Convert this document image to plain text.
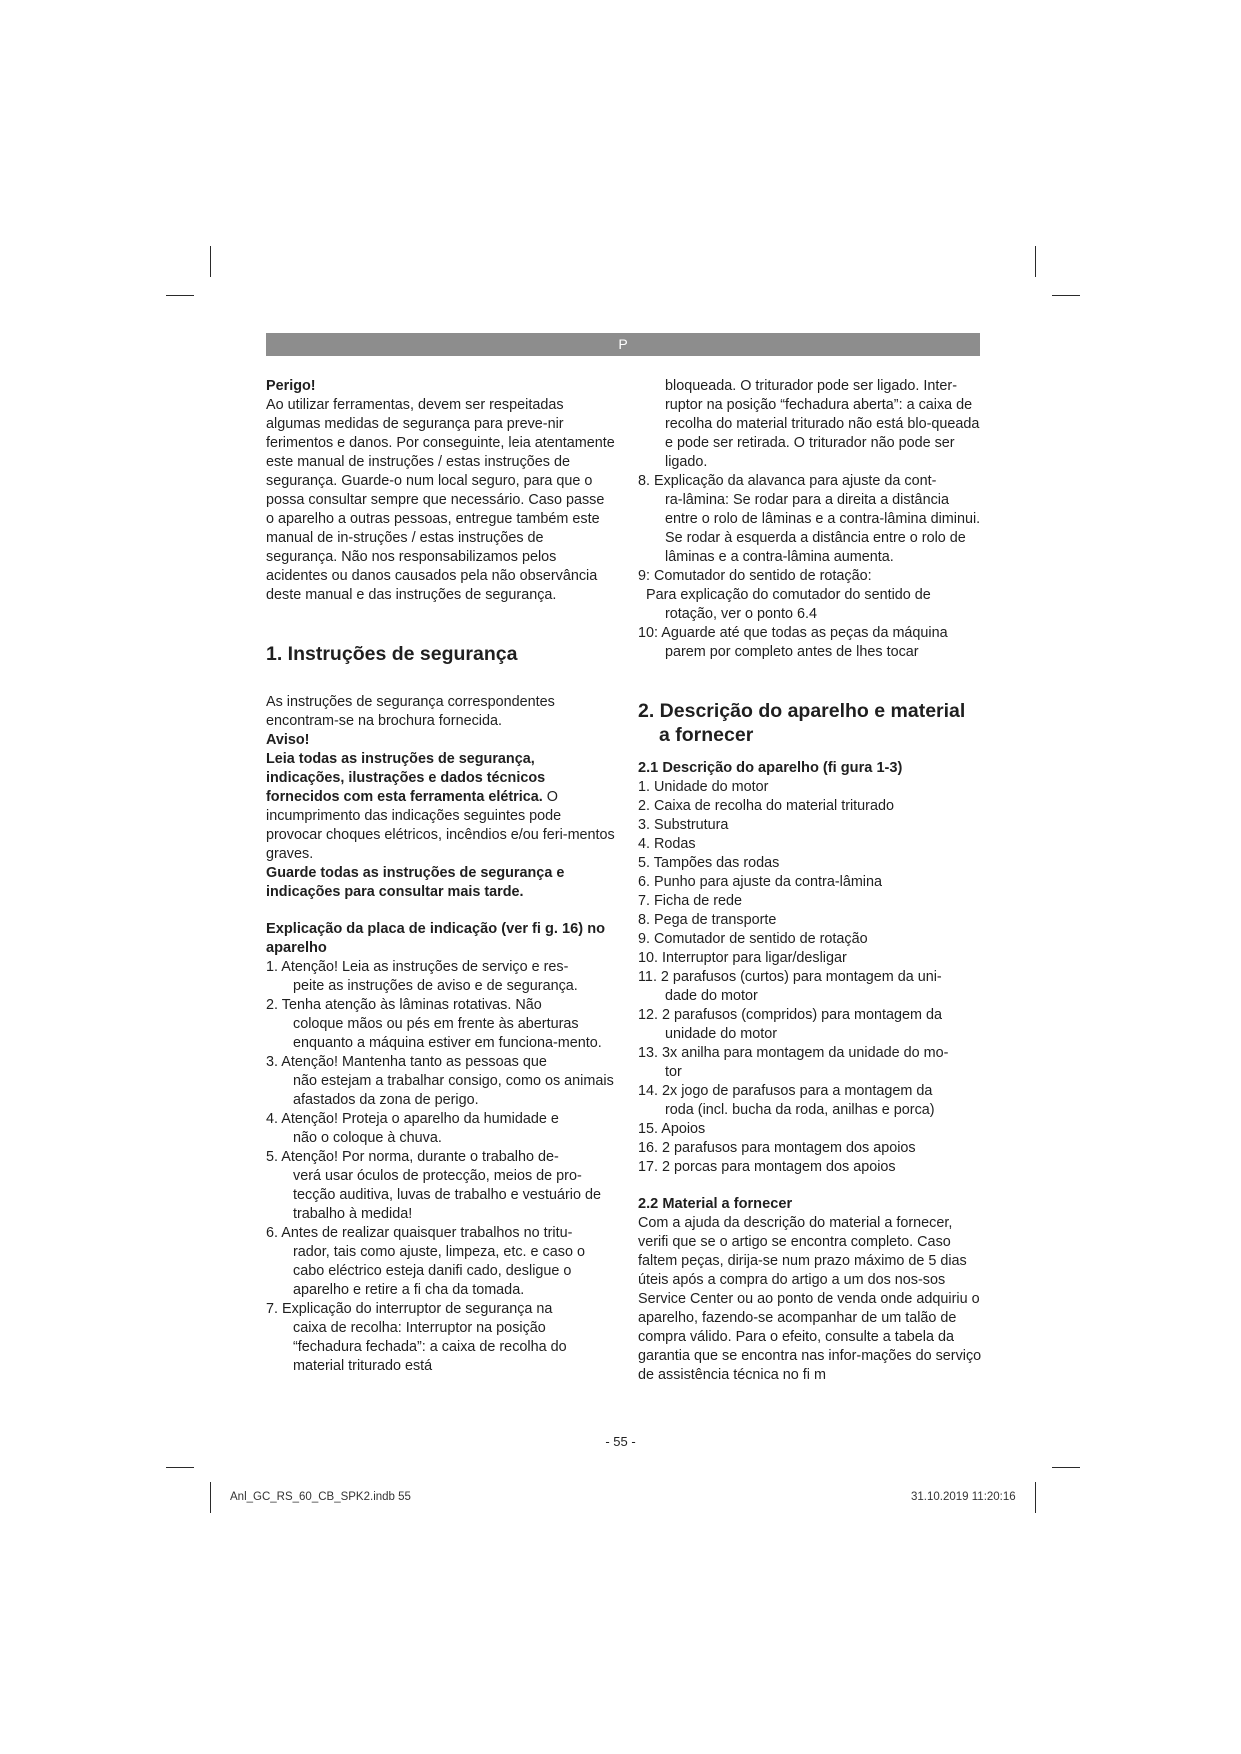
P
Perigo!
Ao utilizar ferramentas, devem ser respeitadas algumas medidas de segurança para preve-nir ferimentos e danos. Por conseguinte, leia atentamente este manual de instruções / estas instruções de segurança. Guarde-o num local seguro, para que o possa consultar sempre que necessário. Caso passe o aparelho a outras pessoas, entregue também este manual de in-struções / estas instruções de segurança. Não nos responsabilizamos pelos acidentes ou danos causados pela não observância deste manual e das instruções de segurança.
1. Instruções de segurança
As instruções de segurança correspondentes encontram-se na brochura fornecida.
Aviso!
Leia todas as instruções de segurança, indicações, ilustrações e dados técnicos fornecidos com esta ferramenta elétrica. O incumprimento das indicações seguintes pode provocar choques elétricos, incêndios e/ou feri-mentos graves.
Guarde todas as instruções de segurança e indicações para consultar mais tarde.
Explicação da placa de indicação (ver fi g. 16) no aparelho
1. Atenção! Leia as instruções de serviço e res-
peite as instruções de aviso e de segurança.
2. Tenha atenção às lâminas rotativas. Não
coloque mãos ou pés em frente às aberturas enquanto a máquina estiver em funciona-mento.
3. Atenção! Mantenha tanto as pessoas que
não estejam a trabalhar consigo, como os animais afastados da zona de perigo.
4. Atenção! Proteja o aparelho da humidade e
não o coloque à chuva.
5. Atenção! Por norma, durante o trabalho de-
verá usar óculos de protecção, meios de pro-tecção auditiva, luvas de trabalho e vestuário de trabalho à medida!
6. Antes de realizar quaisquer trabalhos no tritu-
rador, tais como ajuste, limpeza, etc. e caso o cabo eléctrico esteja danifi cado, desligue o aparelho e retire a fi cha da tomada.
7. Explicação do interruptor de segurança na
caixa de recolha: Interruptor na posição “fechadura fechada”: a caixa de recolha do material triturado está
bloqueada. O triturador pode ser ligado. Inter-ruptor na posição “fechadura aberta”: a caixa de recolha do material triturado não está blo-queada e pode ser retirada. O triturador não pode ser ligado.
8. Explicação da alavanca para ajuste da cont-
ra-lâmina: Se rodar para a direita a distância entre o rolo de lâminas e a contra-lâmina diminui. Se rodar à esquerda a distância entre o rolo de lâminas e a contra-lâmina aumenta.
9: Comutador do sentido de rotação:
Para explicação do comutador do sentido de
rotação, ver o ponto 6.4
10: Aguarde até que todas as peças da máquina
parem por completo antes de lhes tocar
2. Descrição do aparelho e material
a fornecer
2.1 Descrição do aparelho (fi gura 1-3)
1. Unidade do motor
2. Caixa de recolha do material triturado
3. Substrutura
4. Rodas
5. Tampões das rodas
6. Punho para ajuste da contra-lâmina
7. Ficha de rede
8. Pega de transporte
9. Comutador de sentido de rotação
10. Interruptor para ligar/desligar
11. 2 parafusos (curtos) para montagem da uni-
dade do motor
12. 2 parafusos (compridos) para montagem da
unidade do motor
13. 3x anilha para montagem da unidade do mo-
tor
14. 2x jogo de parafusos para a montagem da
roda (incl. bucha da roda, anilhas e porca)
15. Apoios
16. 2 parafusos para montagem dos apoios
17. 2 porcas para montagem dos apoios
2.2 Material a fornecer
Com a ajuda da descrição do material a fornecer, verifi que se o artigo se encontra completo. Caso faltem peças, dirija-se num prazo máximo de 5 dias úteis após a compra do artigo a um dos nos-sos Service Center ou ao ponto de venda onde adquiriu o aparelho, fazendo-se acompanhar de um talão de compra válido. Para o efeito, consulte a tabela da garantia que se encontra nas infor-mações do serviço de assistência técnica no fi m
- 55 -
Anl_GC_RS_60_CB_SPK2.indb 55	31.10.2019 11:20:16
